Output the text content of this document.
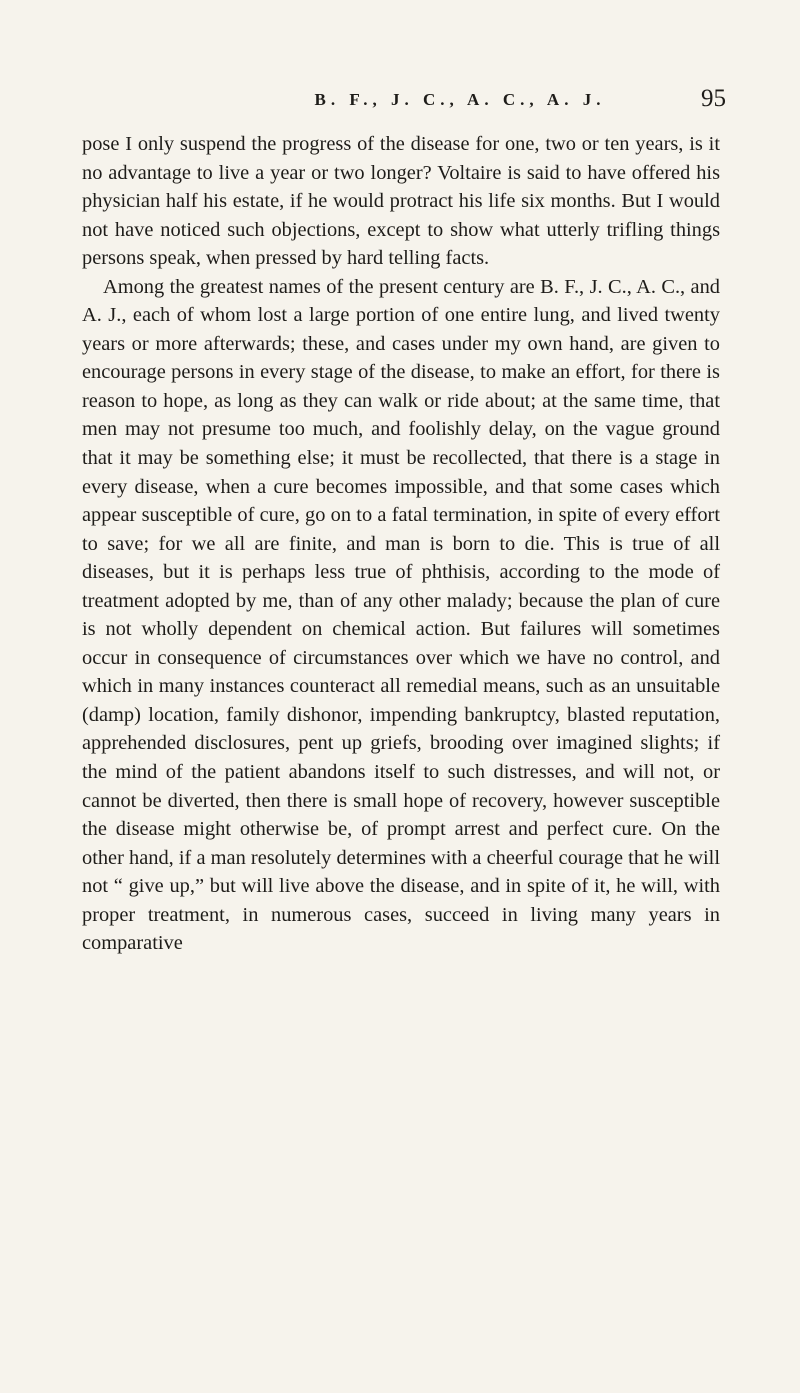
B. F., J. C., A. C., A. J.	95

pose I only suspend the progress of the disease for one, two or ten years, is it no advantage to live a year or two longer? Voltaire is said to have offered his physician half his estate, if he would protract his life six months. But I would not have noticed such objections, except to show what utterly trifling things persons speak, when pressed by hard telling facts.

Among the greatest names of the present century are B. F., J. C., A. C., and A. J., each of whom lost a large portion of one entire lung, and lived twenty years or more afterwards; these, and cases under my own hand, are given to encourage persons in every stage of the disease, to make an effort, for there is reason to hope, as long as they can walk or ride about; at the same time, that men may not presume too much, and foolishly delay, on the vague ground that it may be something else; it must be recollected, that there is a stage in every disease, when a cure becomes impossible, and that some cases which appear susceptible of cure, go on to a fatal termination, in spite of every effort to save; for we all are finite, and man is born to die. This is true of all diseases, but it is perhaps less true of phthisis, according to the mode of treatment adopted by me, than of any other malady; because the plan of cure is not wholly dependent on chemical action. But failures will sometimes occur in consequence of circumstances over which we have no control, and which in many instances counteract all remedial means, such as an unsuitable (damp) location, family dishonor, impending bankruptcy, blasted reputation, apprehended disclosures, pent up griefs, brooding over imagined slights; if the mind of the patient abandons itself to such distresses, and will not, or cannot be diverted, then there is small hope of recovery, however susceptible the disease might otherwise be, of prompt arrest and perfect cure. On the other hand, if a man resolutely determines with a cheerful courage that he will not “ give up,” but will live above the disease, and in spite of it, he will, with proper treatment, in numerous cases, succeed in living many years in comparative
